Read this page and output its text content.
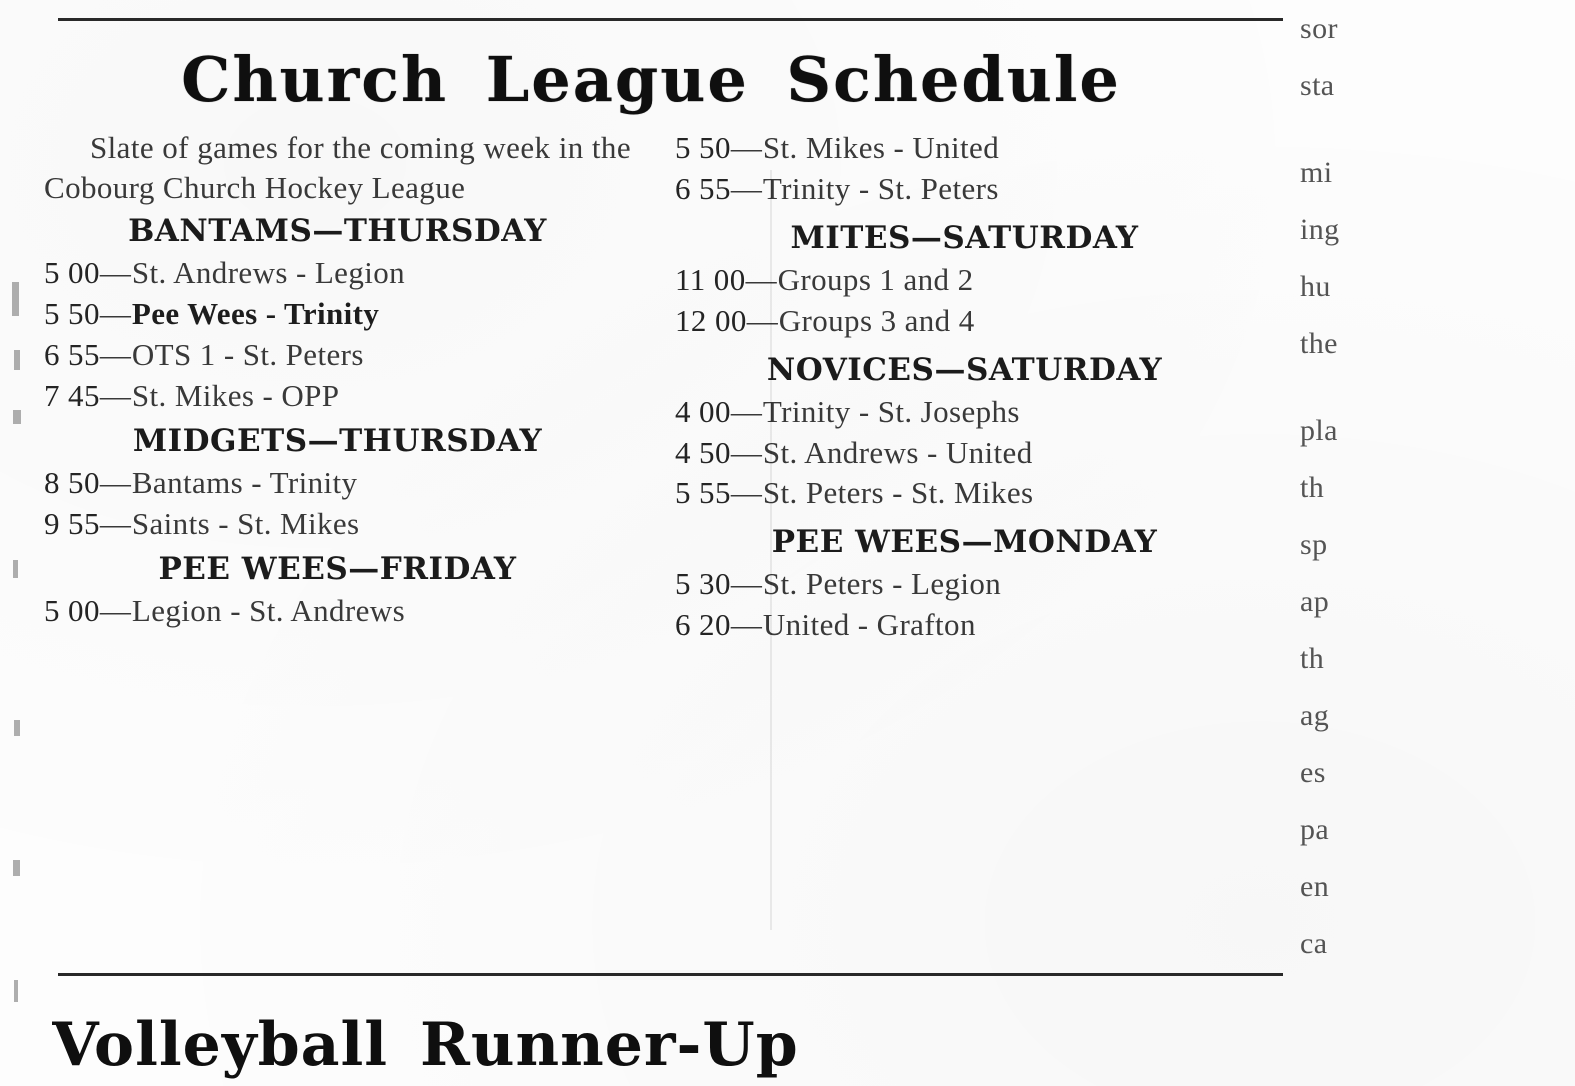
Church League Schedule

Slate of games for the coming week in the Cobourg Church Hockey League

BANTAMS—THURSDAY
5 00—St. Andrews - Legion
5 50—Pee Wees - Trinity
6 55—OTS 1 - St. Peters
7 45—St. Mikes - OPP
MIDGETS—THURSDAY
8 50—Bantams - Trinity
9 55—Saints - St. Mikes
PEE WEES—FRIDAY
5 00—Legion - St. Andrews
5 50—St. Mikes - United
6 55—Trinity - St. Peters
MITES—SATURDAY
11 00—Groups 1 and 2
12 00—Groups 3 and 4
NOVICES—SATURDAY
4 00—Trinity - St. Josephs
4 50—St. Andrews - United
5 55—St. Peters - St. Mikes
PEE WEES—MONDAY
5 30—St. Peters - Legion
6 20—United - Grafton
sor
sta
mi
ing
hu
the
pla
th
sp
ap
th
ag
es
pa
en
ca
Volleyball Runner-Up
